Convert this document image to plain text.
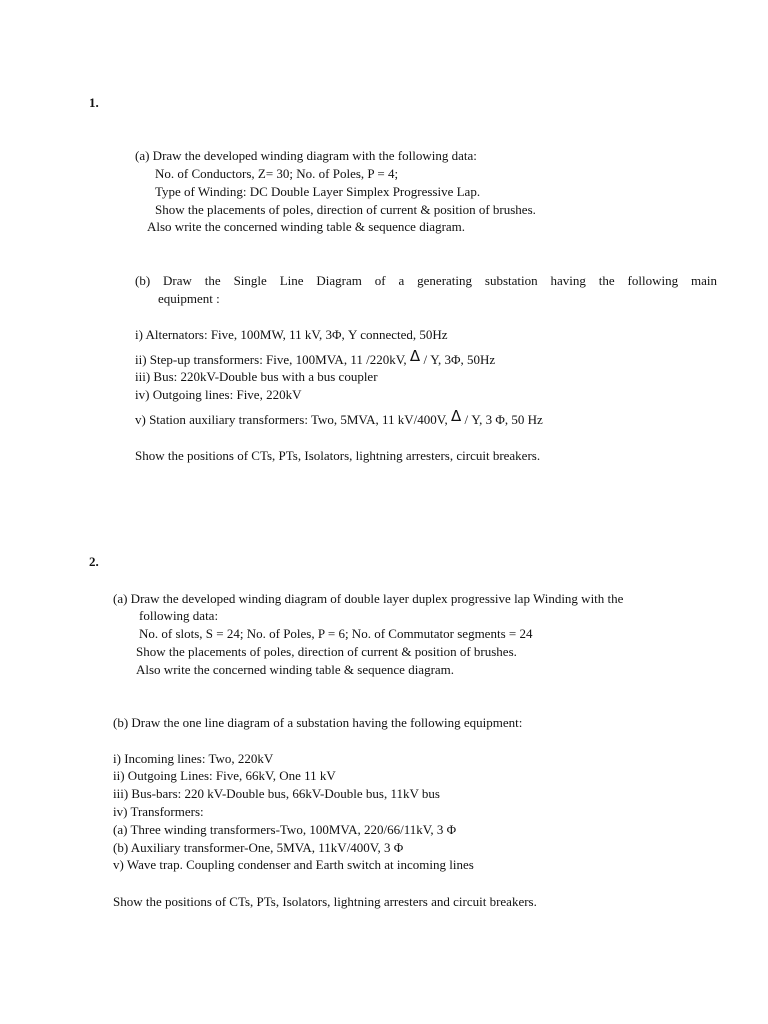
1.
(a) Draw the developed winding diagram with the following data:
No. of Conductors, Z= 30; No. of Poles, P = 4;
Type of Winding: DC Double Layer Simplex Progressive Lap.
Show the placements of poles, direction of current & position of brushes.
Also write the concerned winding table & sequence diagram.
(b) Draw the Single Line Diagram of a generating substation having the following main
equipment :
i) Alternators: Five, 100MW, 11 kV, 3Φ, Y connected, 50Hz
ii) Step-up transformers: Five, 100MVA, 11 /220kV, Δ / Y, 3Φ, 50Hz
iii) Bus: 220kV-Double bus with a bus coupler
iv) Outgoing lines: Five, 220kV
v) Station auxiliary transformers: Two, 5MVA, 11 kV/400V, Δ / Y, 3 Φ, 50 Hz
Show the positions of CTs, PTs, Isolators, lightning arresters, circuit breakers.
2.
(a) Draw the developed winding diagram of double layer duplex progressive lap Winding with the
following data:
No. of slots, S = 24; No. of Poles, P = 6; No. of Commutator segments = 24
Show the placements of poles, direction of current & position of brushes.
Also write the concerned winding table & sequence diagram.
(b) Draw the one line diagram of a substation having the following equipment:
i) Incoming lines: Two, 220kV
ii) Outgoing Lines: Five, 66kV, One 11 kV
iii) Bus-bars: 220 kV-Double bus, 66kV-Double bus, 11kV bus
iv) Transformers:
(a) Three winding transformers-Two, 100MVA, 220/66/11kV, 3 Φ
(b) Auxiliary transformer-One, 5MVA, 11kV/400V, 3 Φ
v) Wave trap. Coupling condenser and Earth switch at incoming lines
Show the positions of CTs, PTs, Isolators, lightning arresters and circuit breakers.
